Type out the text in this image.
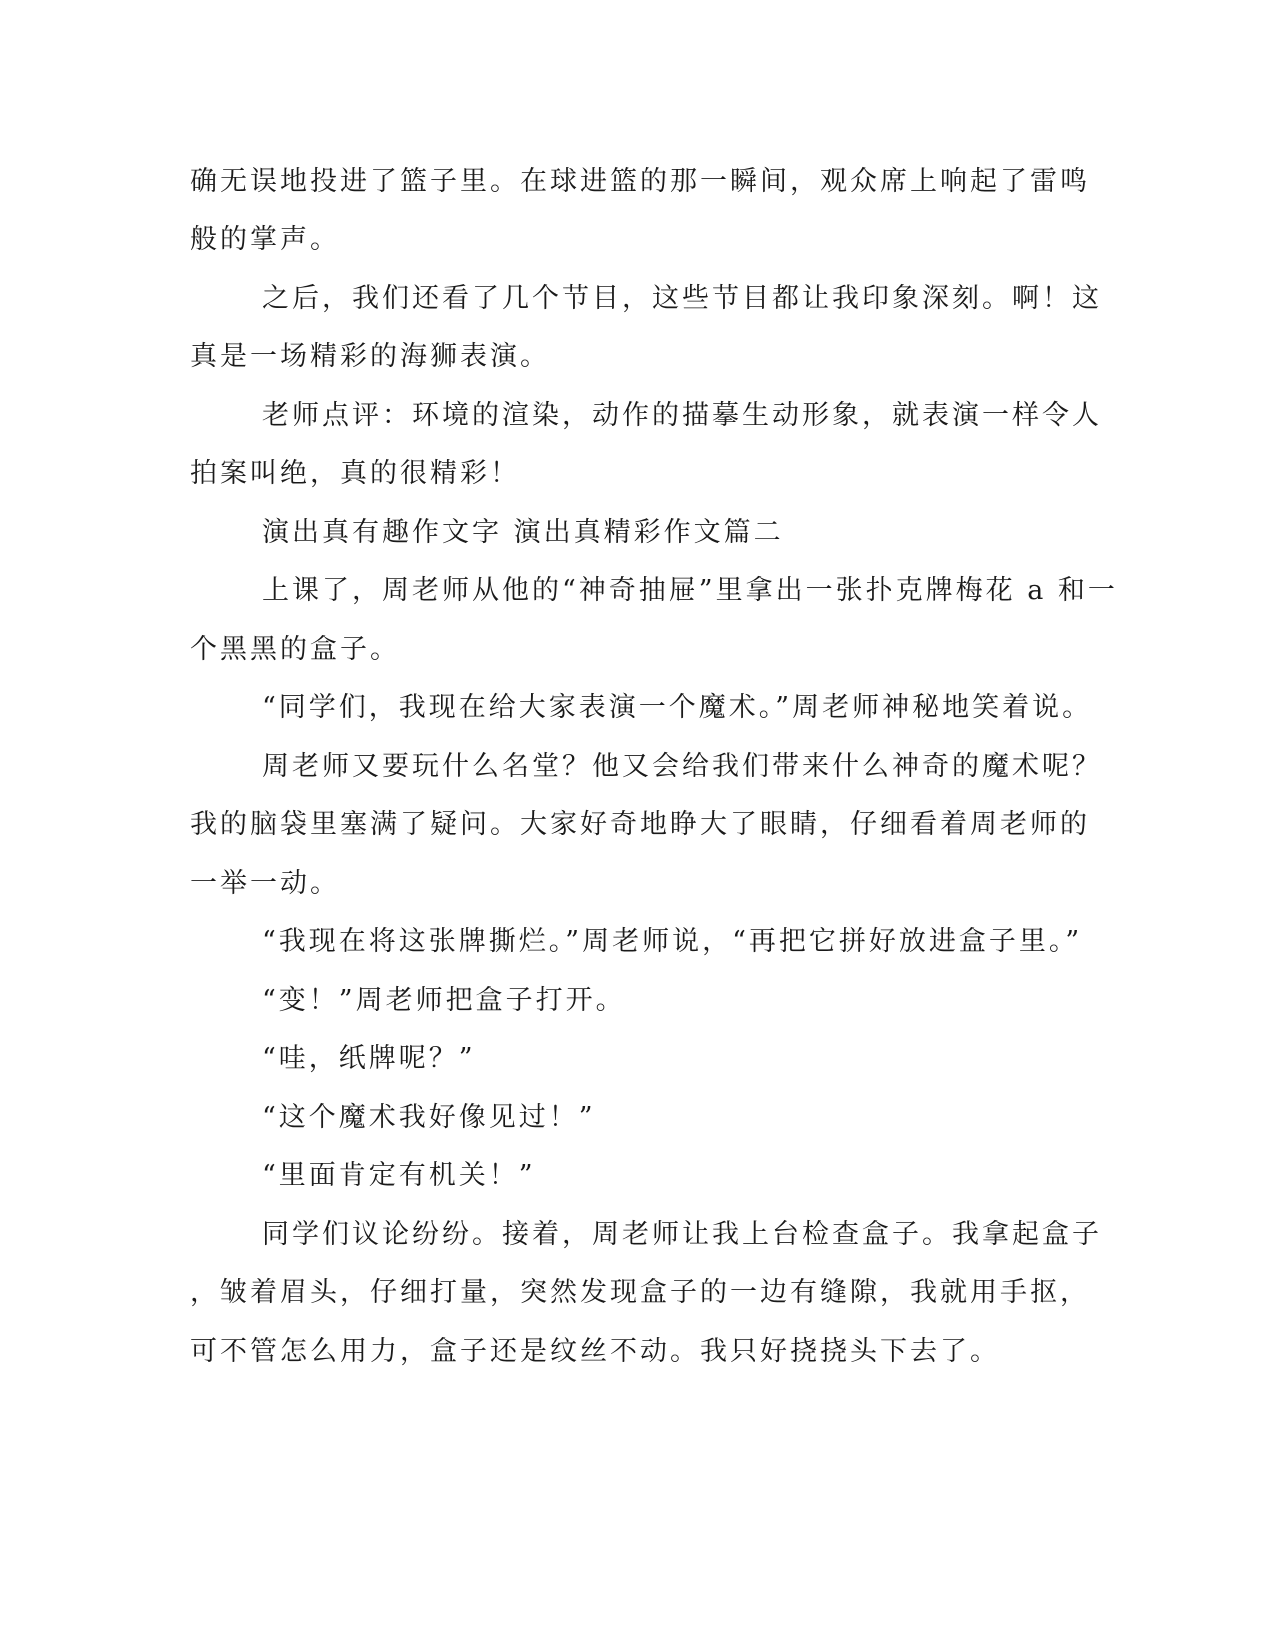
确无误地投进了篮子里。在球进篮的那一瞬间，观众席上响起了雷鸣
般的掌声。
之后，我们还看了几个节目，这些节目都让我印象深刻。啊！这
真是一场精彩的海狮表演。
老师点评：环境的渲染，动作的描摹生动形象，就表演一样令人
拍案叫绝，真的很精彩！
演出真有趣作文字 演出真精彩作文篇二
上课了，周老师从他的“神奇抽屉”里拿出一张扑克牌梅花 a 和一
个黑黑的盒子。
“同学们，我现在给大家表演一个魔术。”周老师神秘地笑着说。
周老师又要玩什么名堂？他又会给我们带来什么神奇的魔术呢？
我的脑袋里塞满了疑问。大家好奇地睁大了眼睛，仔细看着周老师的
一举一动。
“我现在将这张牌撕烂。”周老师说，“再把它拼好放进盒子里。”
“变！”周老师把盒子打开。
“哇，纸牌呢？”
“这个魔术我好像见过！”
“里面肯定有机关！”
同学们议论纷纷。接着，周老师让我上台检查盒子。我拿起盒子
，皱着眉头，仔细打量，突然发现盒子的一边有缝隙，我就用手抠，
可不管怎么用力，盒子还是纹丝不动。我只好挠挠头下去了。
